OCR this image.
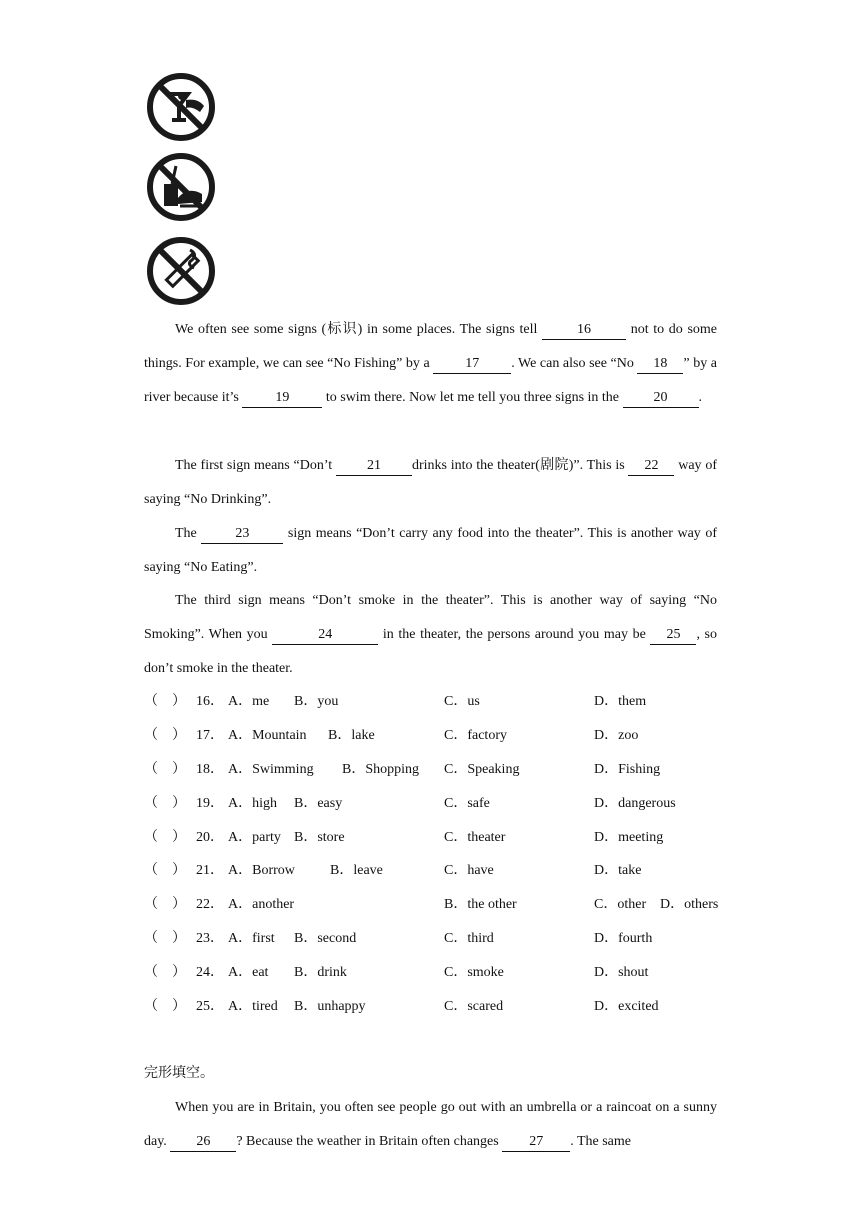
We often see some signs (标识) in some places. The signs tell	16	not to do some things. For example, we can see “No Fishing” by a 17 . We can also see “No 18 ” by a river because it’s 19 to swim there. Now let me tell you three signs in the 20 .

The first sign means “Don’t 21 drinks into the theater(剧院)”. This is 22 way of saying “No Drinking”.

The 23 sign means “Don’t carry any food into the theater”. This is another way of saying “No Eating”.

The third sign means “Don’t smoke in the theater”. This is another way of saying “No Smoking”. When you	24	in the theater, the persons around you may be 25 , so don’t smoke in the theater.

（　） 16． A．me B．you	C．us	D．them
（　） 17． A．Mountain B．lake	C．factory	D．zoo
（　） 18． A．Swimming B．Shopping C．Speaking	D．Fishing
（　） 19． A．high B．easy	C．safe	D．dangerous
（　） 20． A．party B．store	C．theater	D．meeting
（　） 21． A．Borrow	B．leave	C．have	D．take
（　） 22． A．another	B．the other	C．other D．others
（　） 23． A．first B．second	C．third	D．fourth
（　） 24． A．eat B．drink	C．smoke	D．shout
（　） 25． A．tired B．unhappy	C．scared	D．excited
完形填空。

When you are in Britain, you often see people go out with an umbrella or a raincoat on a sunny day. 26 ? Because the weather in Britain often changes 27 . The same
